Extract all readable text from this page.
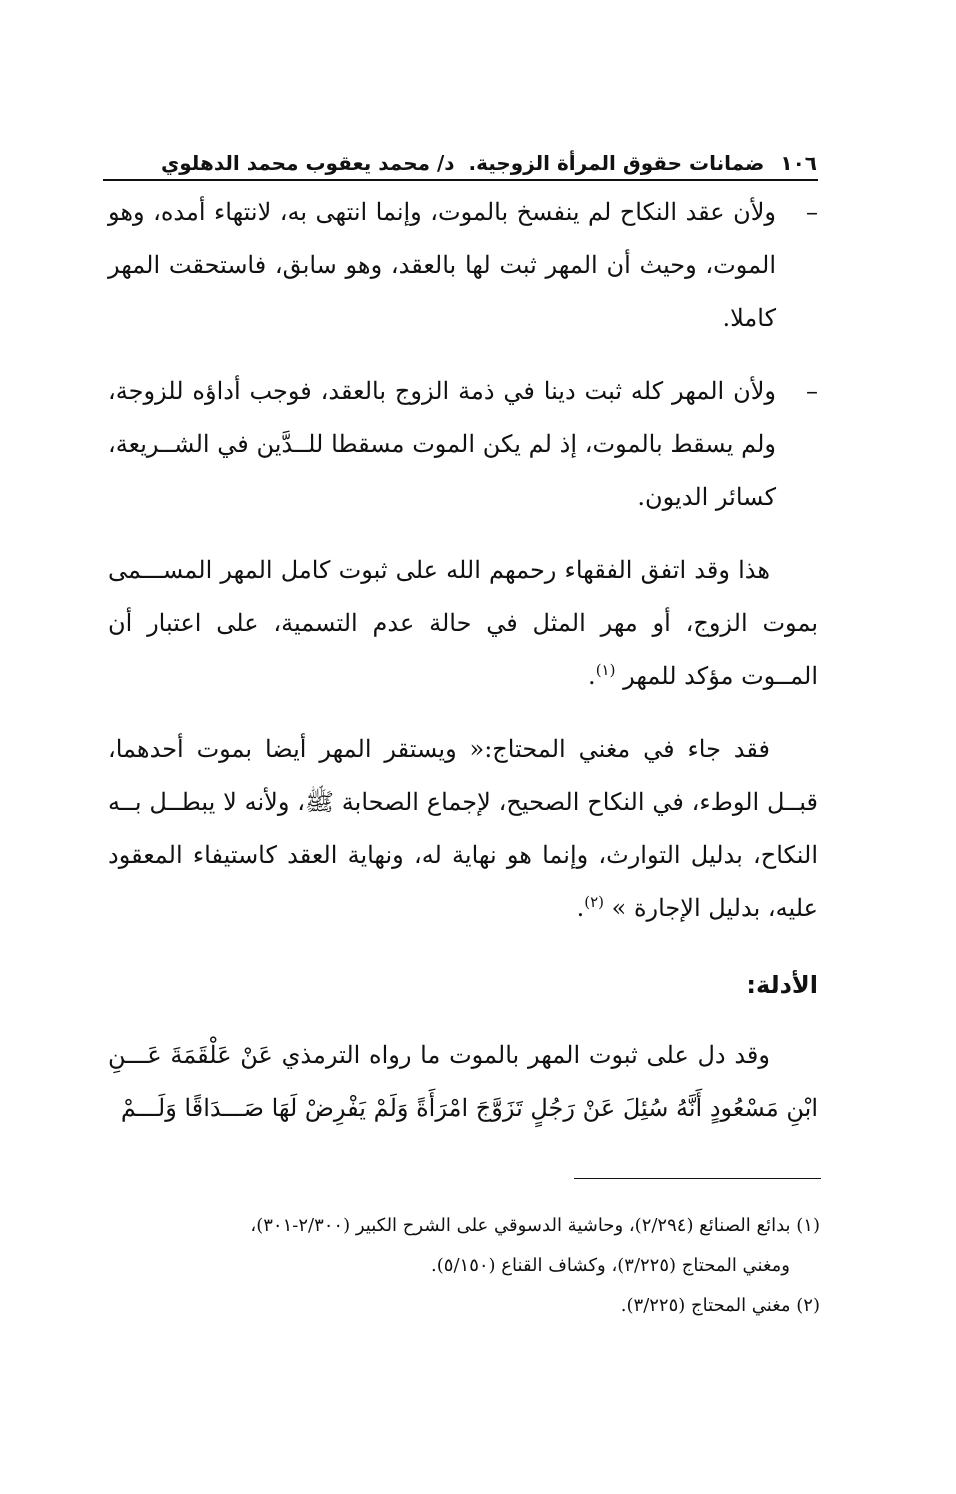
١٠٦
ضمانات حقوق المرأة الزوجية.

د/ محمد يعقوب محمد الدهلوي

–
ولأن عقد النكاح لم ينفسخ بالموت، وإنما انتهى به، لانتهاء أمده، وهو الموت، وحيث أن المهر ثبت لها بالعقد، وهو سابق، فاستحقت المهر كاملا.

–
ولأن المهر كله ثبت دينا في ذمة الزوج بالعقد، فوجب أداؤه للزوجة، ولم يسقط بالموت، إذ لم يكن الموت مسقطا للــدَّين في الشــريعة، كسائر الديون.

هذا وقد اتفق الفقهاء رحمهم الله على ثبوت كامل المهر المســـمى بموت الزوج، أو مهر المثل في حالة عدم التسمية، على اعتبار أن المــوت مؤكد للمهر $^{(١)}$.

فقد جاء في مغني المحتاج:« ويستقر المهر أيضا بموت أحدهما، قبــل الوطء، في النكاح الصحيح، لإجماع الصحابة ﷺ، ولأنه لا يبطــل بــه النكاح، بدليل التوارث، وإنما هو نهاية له، ونهاية العقد كاستيفاء المعقود عليه، بدليل الإجارة » $^{(٢)}$.

الأدلة:

وقد دل على ثبوت المهر بالموت ما رواه الترمذي عَنْ عَلْقَمَةَ عَـــنِ ابْنِ مَسْعُودٍ أَنَّهُ سُئِلَ عَنْ رَجُلٍ تَزَوَّجَ امْرَأَةً وَلَمْ يَفْرِضْ لَهَا صَـــدَاقًا وَلَـــمْ

(١) بدائع الصنائع (٢/٢٩٤)، وحاشية الدسوقي على الشرح الكبير (٢/٣٠٠-٣٠١)،

ومغني المحتاج (٣/٢٢٥)، وكشاف القناع (٥/١٥٠).

(٢) مغني المحتاج (٣/٢٢٥).
